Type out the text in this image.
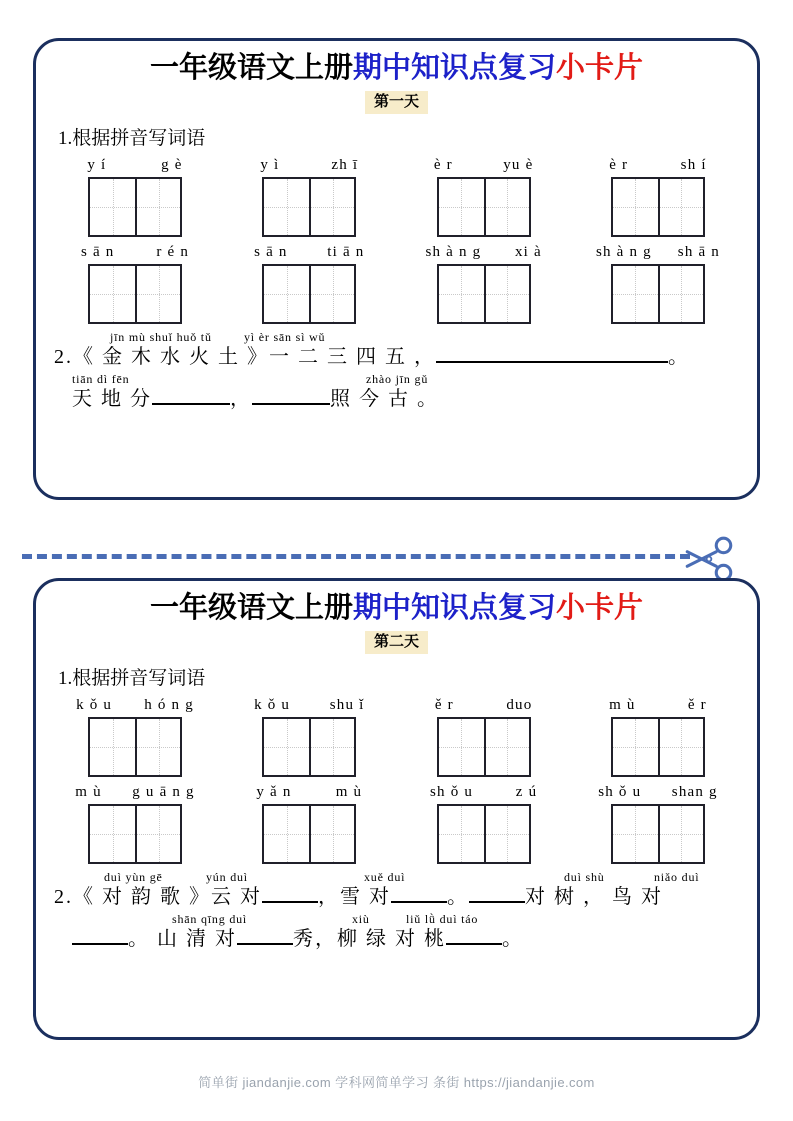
一年级语文上册期中知识点复习小卡片
第一天
1.根据拼音写词语
y í	g è	y ì	zh ī	è r	yu è	è r	sh í
s ā n	r é n	s ā n	ti ā n	sh à n g xi à	sh à n g sh ā n
jīn mù shuǐ huǒ tǔ	yì èr sān sì wǔ
2.《 金 木 水 火 土 》一 二 三 四 五 ，	。
tiān dì fēn	zhào jīn gǔ
天 地 分	，	照 今 古 。
一年级语文上册期中知识点复习小卡片
第二天
1.根据拼音写词语
k ǒ u h ó n g	k ǒ u	shu ǐ	ě r	duo	m ù	ě r
m ù g u ā n g	y ǎ n	m ù	sh ǒ u	z ú	sh ǒ u shan g
duì yùn gē	yún duì	xuě duì	duì shù	niǎo duì
2.《 对 韵 歌 》云 对	，雪 对	。	对 树 ， 鸟 对
shān qīng duì	xiù	liǔ lǜ duì táo
。 山 清 对	秀，柳 绿 对 桃	。
简单街 jiandanjie.com 学科网简单学习 条街 https://jiandanjie.com
